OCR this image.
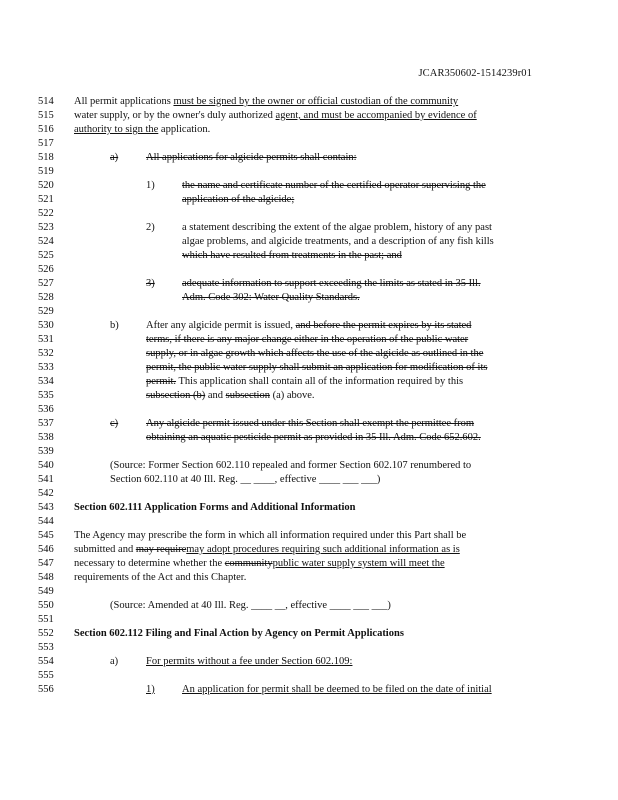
JCAR350602-1514239r01
514
515
516
517
518
519
520
521
522
523
524
525
526
527
528
529
530
531
532
533
534
535
536
537
538
539
540
541
542
543
544
545
546
547
548
549
550
551
552
553
554
555
556
All permit applications must be signed by the owner or official custodian of the community
water supply, or by the owner's duly authorized agent, and must be accompanied by evidence of
authority to sign the application.
a)	All applications for algicide permits shall contain:
1)	the name and certificate number of the certified operator supervising the
application of the algicide;
2)	a statement describing the extent of the algae problem, history of any past
algae problems, and algicide treatments, and a description of any fish kills
which have resulted from treatments in the past; and
3)	adequate information to support exceeding the limits as stated in 35 Ill.
Adm. Code 302: Water Quality Standards.
b)	After any algicide permit is issued, and before the permit expires by its stated
terms, if there is any major change either in the operation of the public water
supply, or in algae growth which affects the use of the algicide as outlined in the
permit, the public water supply shall submit an application for modification of its
permit. This application shall contain all of the information required by this
subsection (b) and subsection (a) above.
c)	Any algicide permit issued under this Section shall exempt the permittee from
obtaining an aquatic pesticide permit as provided in 35 Ill. Adm. Code 652.602.
(Source: Former Section 602.110 repealed and former Section 602.107 renumbered to
Section 602.110 at 40 Ill. Reg. __ ____, effective ____ ___ ___)
Section 602.111 Application Forms and Additional Information
The Agency may prescribe the form in which all information required under this Part shall be
submitted and may requiremay adopt procedures requiring such additional information as is
necessary to determine whether the communitypublic water supply system will meet the
requirements of the Act and this Chapter.
(Source: Amended at 40 Ill. Reg. ____ __, effective ____ ___ ___)
Section 602.112 Filing and Final Action by Agency on Permit Applications
a)	For permits without a fee under Section 602.109:
1)	An application for permit shall be deemed to be filed on the date of initial
